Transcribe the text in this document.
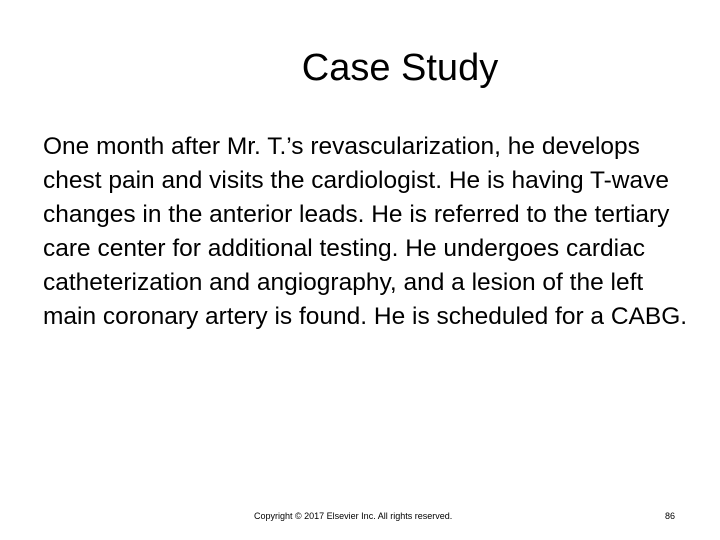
Case Study

One month after Mr. T.’s revascularization, he develops chest pain and visits the cardiologist. He is having T-wave changes in the anterior leads. He is referred to the tertiary care center for additional testing. He undergoes cardiac catheterization and angiography, and a lesion of the left main coronary artery is found. He is scheduled for a CABG.

Copyright © 2017 Elsevier Inc. All rights reserved.	86
